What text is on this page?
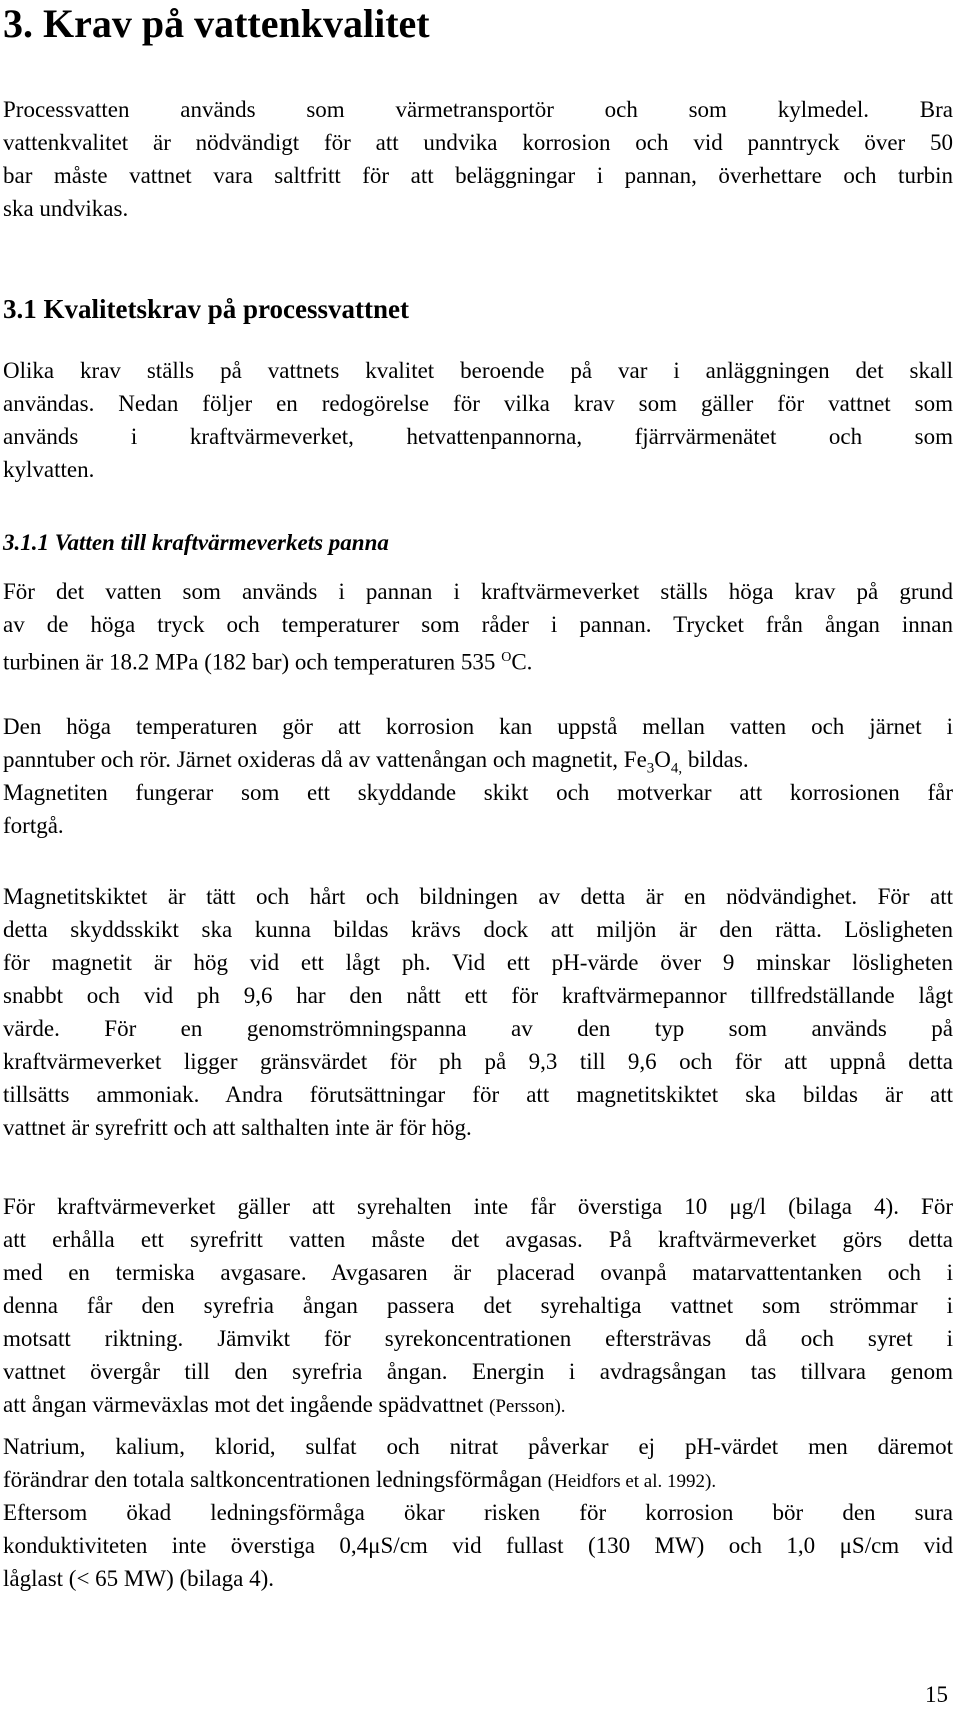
3. Krav på vattenkvalitet
Processvatten används som värmetransportör och som kylmedel. Bra
vattenkvalitet är nödvändigt för att undvika korrosion och vid panntryck över 50
bar måste vattnet vara saltfritt för att beläggningar i pannan, överhettare och turbin
ska undvikas.
3.1 Kvalitetskrav på processvattnet
Olika krav ställs på vattnets kvalitet beroende på var i anläggningen det skall
användas. Nedan följer en redogörelse för vilka krav som gäller för vattnet som
används i kraftvärmeverket, hetvattenpannorna, fjärrvärmenätet och som
kylvatten.
3.1.1 Vatten till kraftvärmeverkets panna
För det vatten som används i pannan i kraftvärmeverket ställs höga krav på grund
av de höga tryck och temperaturer som råder i pannan. Trycket från ångan innan
turbinen är 18.2 MPa (182 bar) och temperaturen 535 $^O$C.
Den höga temperaturen gör att korrosion kan uppstå mellan vatten och järnet i
panntuber och rör. Järnet oxideras då av vattenångan och magnetit, $Fe_3O_{4,}$ bildas.
Magnetiten fungerar som ett skyddande skikt och motverkar att korrosionen får
fortgå.
Magnetitskiktet är tätt och hårt och bildningen av detta är en nödvändighet. För att
detta skyddsskikt ska kunna bildas krävs dock att miljön är den rätta. Lösligheten
för magnetit är hög vid ett lågt ph. Vid ett pH-värde över 9 minskar lösligheten
snabbt och vid ph 9,6 har den nått ett för kraftvärmepannor tillfredställande lågt
värde. För en genomströmningspanna av den typ som används på
kraftvärmeverket ligger gränsvärdet för ph på 9,3 till 9,6 och för att uppnå detta
tillsätts ammoniak. Andra förutsättningar för att magnetitskiktet ska bildas är att
vattnet är syrefritt och att salthalten inte är för hög.
För kraftvärmeverket gäller att syrehalten inte får överstiga 10 μg/l (bilaga 4). För
att erhålla ett syrefritt vatten måste det avgasas. På kraftvärmeverket görs detta
med en termiska avgasare. Avgasaren är placerad ovanpå matarvattentanken och i
denna får den syrefria ångan passera det syrehaltiga vattnet som strömmar i
motsatt riktning. Jämvikt för syrekoncentrationen eftersträvas då och syret i
vattnet övergår till den syrefria ångan. Energin i avdragsångan tas tillvara genom
att ångan värmeväxlas mot det ingående spädvattnet (Persson).
Natrium, kalium, klorid, sulfat och nitrat påverkar ej pH-värdet men däremot
förändrar den totala saltkoncentrationen ledningsförmågan (Heidfors et al. 1992).
Eftersom ökad ledningsförmåga ökar risken för korrosion bör den sura
konduktiviteten inte överstiga 0,4μS/cm vid fullast (130 MW) och 1,0 μS/cm vid
låglast (< 65 MW) (bilaga 4).
15
